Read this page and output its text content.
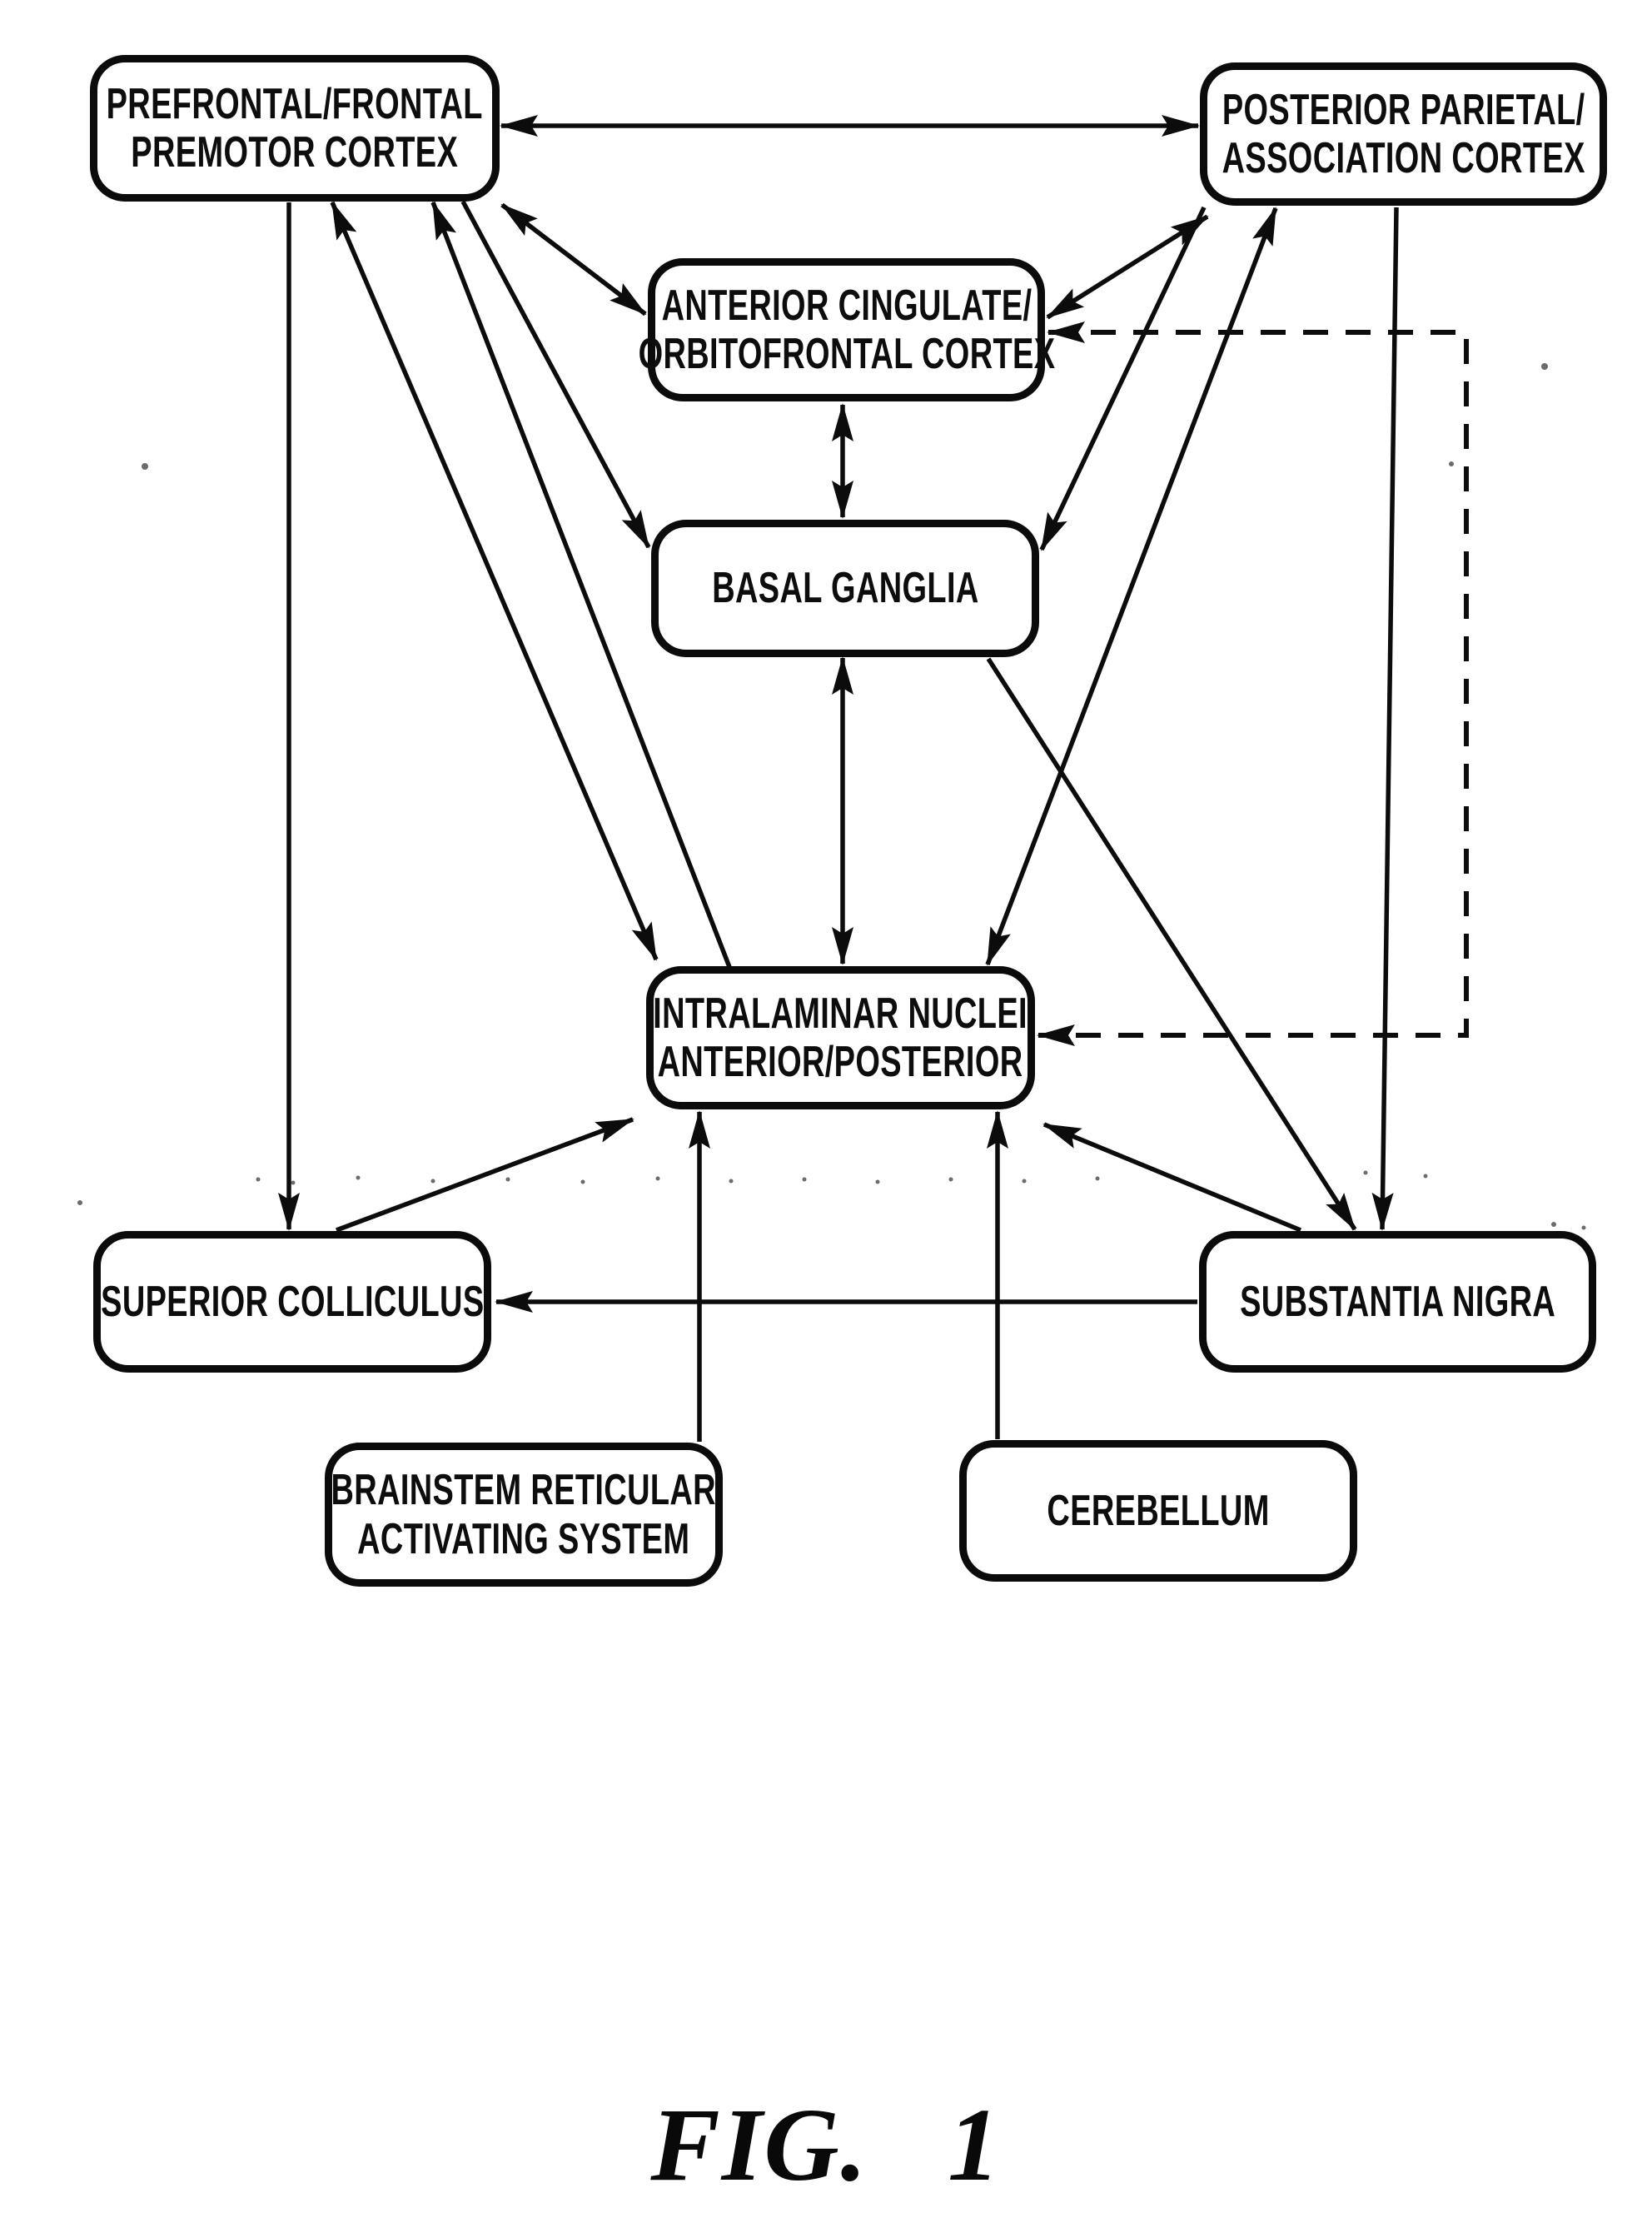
PREFRONTAL/FRONTAL
PREMOTOR CORTEX
POSTERIOR PARIETAL/
ASSOCIATION CORTEX
ANTERIOR CINGULATE/
ORBITOFRONTAL CORTEX
BASAL GANGLIA
INTRALAMINAR NUCLEI
ANTERIOR/POSTERIOR
SUPERIOR COLLICULUS	SUBSTANTIA NIGRA
BRAINSTEM RETICULAR
ACTIVATING SYSTEM
CEREBELLUM
FIG. 1
